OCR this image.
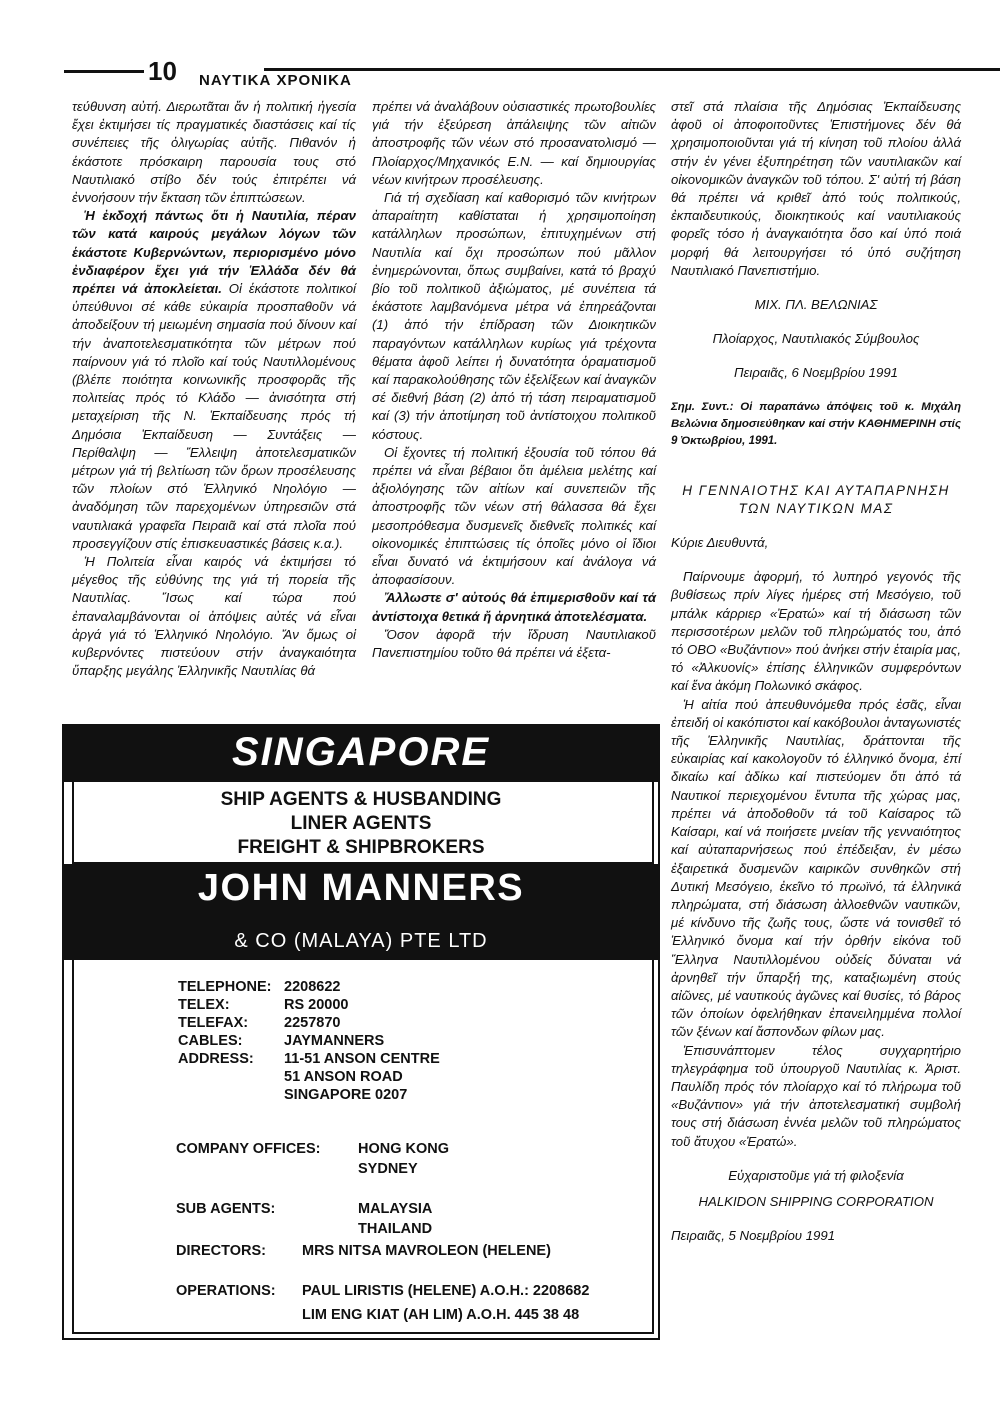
10 ΝΑΥΤΙΚΑ ΧΡΟΝΙΚΑ

τεύθυνση αὐτή. Διερωτᾶται ἄν ἡ πολιτική ἡγεσία ἔχει ἐκτιμήσει τίς πραγματικές διαστάσεις καί τίς συνέπειες τῆς ὀλιγωρίας αὐτῆς. Πιθανόν ἡ ἑκάστοτε πρόσκαιρη παρουσία τους στό Ναυτιλιακό στίβο δέν τούς ἐπιτρέπει νά ἐννοήσουν τήν ἔκταση τῶν ἐπιπτώσεων.

Ἡ ἐκδοχή πάντως ὅτι ἡ Ναυτιλία, πέραν τῶν κατά καιρούς μεγάλων λόγων τῶν ἑκάστοτε Κυβερνώντων, περιορισμένο μόνο ἐνδιαφέρον ἔχει γιά τήν Ἑλλάδα δέν θά πρέπει νά ἀποκλείεται. Οἱ ἑκάστοτε πολιτικοί ὑπεύθυνοι σέ κάθε εὐκαιρία προσπαθοῦν νά ἀποδείξουν τή μειωμένη σημασία πού δίνουν καί τήν ἀναποτελεσματικότητα τῶν μέτρων πού παίρνουν γιά τό πλοῖο καί τούς Ναυτιλλομένους (βλέπε ποιότητα κοινωνικῆς προσφορᾶς τῆς πολιτείας πρός τό Κλάδο — ἀνισότητα στή μεταχείριση τῆς Ν. Ἐκπαίδευσης πρός τή Δημόσια Ἐκπαίδευση — Συντάξεις — Περίθαλψη — Ἔλλειψη ἀποτελεσματικῶν μέτρων γιά τή βελτίωση τῶν ὅρων προσέλευσης τῶν πλοίων στό Ἑλληνικό Νηολόγιο — ἀναδόμηση τῶν παρεχομένων ὑπηρεσιῶν στά ναυτιλιακά γραφεῖα Πειραιᾶ καί στά πλοῖα πού προσεγγίζουν στίς ἐπισκευαστικές βάσεις κ.α.).

Ἡ Πολιτεία εἶναι καιρός νά ἐκτιμήσει τό μέγεθος τῆς εὐθύνης της γιά τή πορεία τῆς Ναυτιλίας. Ἴσως καί τώρα πού ἐπαναλαμβάνονται οἱ ἀπόψεις αὐτές νά εἶναι ἀργά γιά τό Ἑλληνικό Νηολόγιο. Ἄν ὅμως οἱ κυβερνόντες πιστεύουν στήν ἀναγκαιότητα ὕπαρξης μεγάλης Ἑλληνικῆς Ναυτιλίας θά

πρέπει νά ἀναλάβουν οὐσιαστικές πρωτοβουλίες γιά τήν ἐξεύρεση ἀπάλειψης τῶν αἰτιῶν ἀποστροφῆς τῶν νέων στό προσανατολισμό — Πλοίαρχος/Μηχανικός Ε.Ν. — καί δημιουργίας νέων κινήτρων προσέλευσης.

Γιά τή σχεδίαση καί καθορισμό τῶν κινήτρων ἀπαραίτητη καθίσταται ἡ χρησιμοποίηση κατάλληλων προσώπων, ἐπιτυχημένων στή Ναυτιλία καί ὄχι προσώπων πού μᾶλλον ἐνημερώνονται, ὅπως συμβαίνει, κατά τό βραχύ βίο τοῦ πολιτικοῦ ἀξιώματος, μέ συνέπεια τά ἑκάστοτε λαμβανόμενα μέτρα νά ἐπηρεάζονται (1) ἀπό τήν ἐπίδραση τῶν Διοικητικῶν παραγόντων κατάλληλων κυρίως γιά τρέχοντα θέματα ἀφοῦ λείπει ἡ δυνατότητα ὁραματισμοῦ καί παρακολούθησης τῶν ἐξελίξεων καί ἀναγκῶν σέ διεθνή βάση (2) ἀπό τή τάση πειραματισμοῦ καί (3) τήν ἀποτίμηση τοῦ ἀντίστοιχου πολιτικοῦ κόστους.

Οἱ ἔχοντες τή πολιτική ἐξουσία τοῦ τόπου θά πρέπει νά εἶναι βέβαιοι ὅτι ἀμέλεια μελέτης καί ἀξιολόγησης τῶν αἰτίων καί συνεπειῶν τῆς ἀποστροφῆς τῶν νέων στή θάλασσα θά ἔχει μεσοπρόθεσμα δυσμενεῖς διεθνεῖς πολιτικές καί οἰκονομικές ἐπιπτώσεις τίς ὁποῖες μόνο οἱ ἴδιοι εἶναι δυνατό νά ἐκτιμήσουν καί ἀνάλογα νά ἀποφασίσουν.

Ἄλλωστε σ' αὐτούς θά ἐπιμερισθοῦν καί τά ἀντίστοιχα θετικά ἤ ἀρνητικά ἀποτελέσματα.

Ὅσον ἀφορᾶ τήν ἵδρυση Ναυτιλιακοῦ Πανεπιστημίου τοῦτο θά πρέπει νά ἐξετα-

στεῖ στά πλαίσια τῆς Δημόσιας Ἐκπαίδευσης ἀφοῦ οἱ ἀποφοιτοῦντες Ἐπιστήμονες δέν θά χρησιμοποιοῦνται γιά τή κίνηση τοῦ πλοίου ἀλλά στήν ἐν γένει ἐξυπηρέτηση τῶν ναυτιλιακῶν καί οἰκονομικῶν ἀναγκῶν τοῦ τόπου. Σ' αὐτή τή βάση θά πρέπει νά κριθεῖ ἀπό τούς πολιτικούς, ἐκπαιδευτικούς, διοικητικούς καί ναυτιλιακούς φορεῖς τόσο ἡ ἀναγκαιότητα ὅσο καί ὑπό ποιά μορφή θά λειτουργήσει τό ὑπό συζήτηση Ναυτιλιακό Πανεπιστήμιο.

ΜΙΧ. ΠΛ. ΒΕΛΩΝΙΑΣ

Πλοίαρχος, Ναυτιλιακός Σύμβουλος

Πειραιᾶς, 6 Νοεμβρίου 1991

Σημ. Συντ.: Οἱ παραπάνω ἀπόψεις τοῦ κ. Μιχάλη Βελώνια δημοσιεύθηκαν καί στήν ΚΑΘΗΜΕΡΙΝΗ στίς 9 Ὀκτωβρίου, 1991.

Η ΓΕΝΝΑΙΟΤΗΣ ΚΑΙ ΑΥΤΑΠΑΡΝΗΣΗ

ΤΩΝ ΝΑΥΤΙΚΩΝ ΜΑΣ

Κύριε Διευθυντά,

Παίρνουμε ἀφορμή, τό λυπηρό γεγονός τῆς βυθίσεως πρίν λίγες ἡμέρες στή Μεσόγειο, τοῦ μπάλκ κάρριερ «Ἐρατώ» καί τή διάσωση τῶν περισσοτέρων μελῶν τοῦ πληρώματός του, ἀπό τό ΟΒΟ «Βυζάντιον» πού ἀνήκει στήν ἑταιρία μας, τό «Ἀλκυονίς» ἐπίσης ἑλληνικῶν συμφερόντων καί ἕνα ἀκόμη Πολωνικό σκάφος.

Ἡ αἰτία πού ἀπευθυνόμεθα πρός ἐσᾶς, εἶναι ἐπειδή οἱ κακόπιστοι καί κακόβουλοι ἀνταγωνιστές τῆς Ἑλληνικῆς Ναυτιλίας, δράττονται τῆς εὐκαιρίας καί κακολογοῦν τό ἑλληνικό ὄνομα, ἐπί δικαίω καί ἀδίκω καί πιστεύομεν ὅτι ἀπό τά Ναυτικοί περιεχομένου ἔντυπα τῆς χώρας μας, πρέπει νά ἀποδοθοῦν τά τοῦ Καίσαρος τῶ Καίσαρι, καί νά ποιήσετε μνείαν τῆς γενναιότητος καί αὐταπαρνήσεως πού ἐπέδειξαν, ἐν μέσω ἐξαιρετικά δυσμενῶν καιρικῶν συνθηκῶν στή Δυτική Μεσόγειο, ἐκεῖνο τό πρωϊνό, τά ἑλληνικά πληρώματα, στή διάσωση ἀλλοεθνῶν ναυτικῶν, μέ κίνδυνο τῆς ζωῆς τους, ὥστε νά τονισθεῖ τό Ἑλληνικό ὄνομα καί τήν ὀρθήν εἰκόνα τοῦ Ἕλληνα Ναυτιλλομένου οὐδείς δύναται νά ἀρνηθεῖ τήν ὕπαρξή της, καταξιωμένη στούς αἰῶνες, μέ ναυτικούς ἀγῶνες καί θυσίες, τό βάρος τῶν ὁποίων ὀφελήθηκαν ἐπανειλημμένα πολλοί τῶν ξένων καί ἄσπονδων φίλων μας.

Ἐπισυνάπτομεν τέλος συγχαρητήριο τηλεγράφημα τοῦ ὑπουργοῦ Ναυτιλίας κ. Ἀριστ. Παυλίδη πρός τόν πλοίαρχο καί τό πλήρωμα τοῦ «Βυζάντιον» γιά τήν ἀποτελεσματική συμβολή τους στή διάσωση ἐννέα μελῶν τοῦ πληρώματος τοῦ ἄτυχου «Ἐρατώ».

Εὐχαριστοῦμε γιά τή φιλοξενία

HALKIDON SHIPPING CORPORATION

Πειραιᾶς, 5 Νοεμβρίου 1991

SINGAPORE
SHIP AGENTS & HUSBANDING
LINER AGENTS
FREIGHT & SHIPBROKERS
JOHN MANNERS
& CO (MALAYA) PTE LTD
TELEPHONE: 2208622
TELEX:	RS 20000
TELEFAX: 2257870
CABLES:	JAYMANNERS
ADDRESS: 11-51 ANSON CENTRE
51 ANSON ROAD
SINGAPORE 0207
COMPANY OFFICES:	HONG KONG
SYDNEY
SUB AGENTS:	MALAYSIA
THAILAND
DIRECTORS: MRS NITSA MAVROLEON (HELENE)
OPERATIONS: PAUL LIRISTIS (HELENE) A.O.H.: 2208682
LIM ENG KIAT (AH LIM) A.O.H. 445 38 48
